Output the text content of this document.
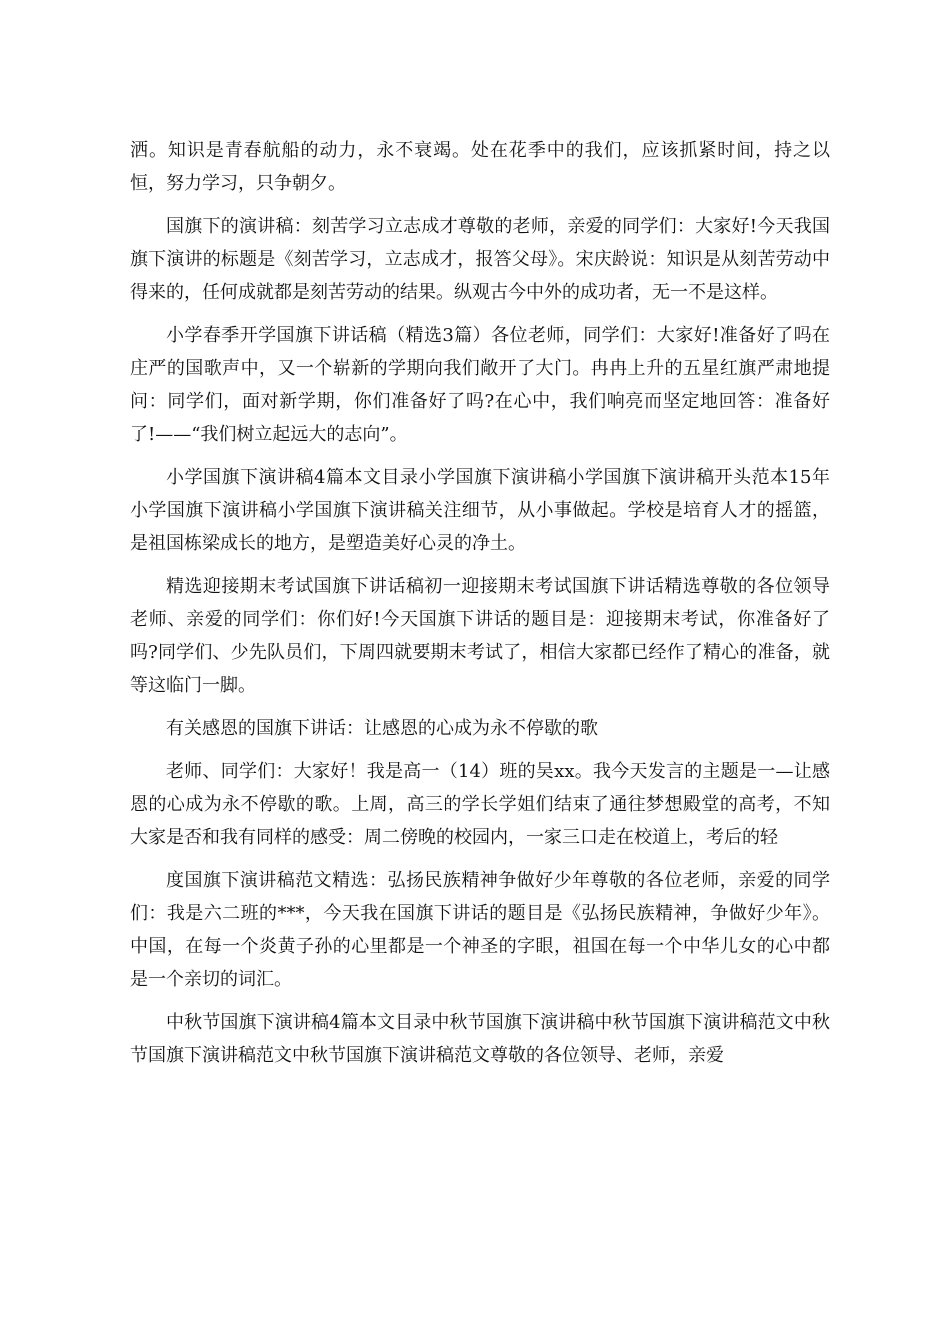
洒。知识是青春航船的动力，永不衰竭。处在花季中的我们，应该抓紧时间，持之以恒，努力学习，只争朝夕。

国旗下的演讲稿：刻苦学习立志成才尊敬的老师，亲爱的同学们：大家好!今天我国旗下演讲的标题是《刻苦学习，立志成才，报答父母》。宋庆龄说：知识是从刻苦劳动中得来的，任何成就都是刻苦劳动的结果。纵观古今中外的成功者，无一不是这样。

小学春季开学国旗下讲话稿（精选3篇）各位老师，同学们：大家好!准备好了吗在庄严的国歌声中，又一个崭新的学期向我们敞开了大门。冉冉上升的五星红旗严肃地提问：同学们，面对新学期，你们准备好了吗?在心中，我们响亮而坚定地回答：准备好了!——“我们树立起远大的志向”。

小学国旗下演讲稿4篇本文目录小学国旗下演讲稿小学国旗下演讲稿开头范本15年小学国旗下演讲稿小学国旗下演讲稿关注细节，从小事做起。学校是培育人才的摇篮，是祖国栋梁成长的地方，是塑造美好心灵的净土。

精选迎接期末考试国旗下讲话稿初一迎接期末考试国旗下讲话精选尊敬的各位领导老师、亲爱的同学们：你们好!今天国旗下讲话的题目是：迎接期末考试，你准备好了吗?同学们、少先队员们，下周四就要期末考试了，相信大家都已经作了精心的准备，就等这临门一脚。

有关感恩的国旗下讲话：让感恩的心成为永不停歇的歌

老师、同学们：大家好！我是高一（14）班的吴xx。我今天发言的主题是一—让感恩的心成为永不停歇的歌。上周，高三的学长学姐们结束了通往梦想殿堂的高考，不知大家是否和我有同样的感受：周二傍晚的校园内，一家三口走在校道上，考后的轻

度国旗下演讲稿范文精选：弘扬民族精神争做好少年尊敬的各位老师，亲爱的同学们：我是六二班的***，今天我在国旗下讲话的题目是《弘扬民族精神，争做好少年》。中国，在每一个炎黄子孙的心里都是一个神圣的字眼，祖国在每一个中华儿女的心中都是一个亲切的词汇。

中秋节国旗下演讲稿4篇本文目录中秋节国旗下演讲稿中秋节国旗下演讲稿范文中秋节国旗下演讲稿范文中秋节国旗下演讲稿范文尊敬的各位领导、老师，亲爱
